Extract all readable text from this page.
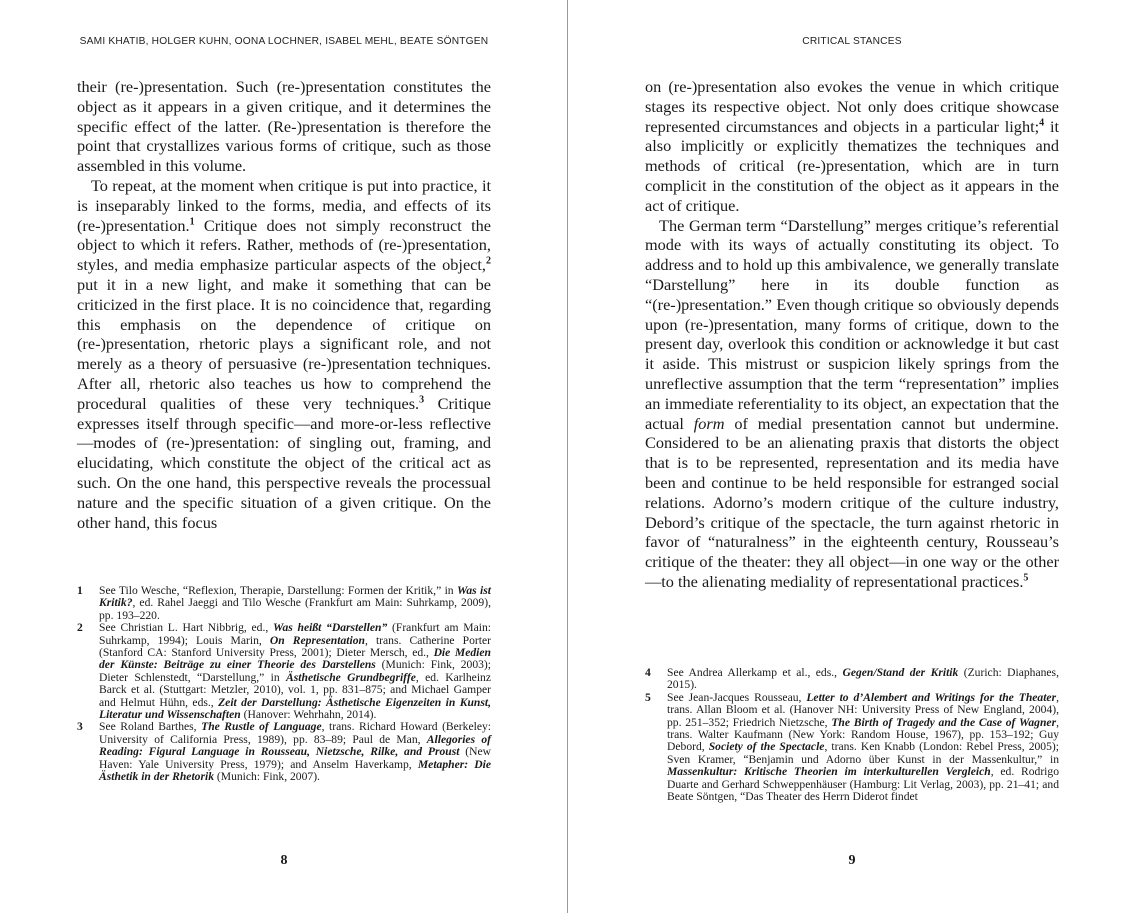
SAMI KHATIB, HOLGER KUHN, OONA LOCHNER, ISABEL MEHL, BEATE SÖNTGEN

their (re-)presentation. Such (re-)presentation constitutes the object as it appears in a given critique, and it determines the specific effect of the latter. (Re-)presentation is therefore the point that crystallizes various forms of critique, such as those assembled in this volume.

To repeat, at the moment when critique is put into practice, it is inseparably linked to the forms, media, and effects of its (re-)presentation.$^1$ Critique does not simply reconstruct the object to which it refers. Rather, methods of (re-)presentation, styles, and media emphasize particular aspects of the object,$^2$ put it in a new light, and make it something that can be criticized in the first place. It is no coincidence that, regarding this emphasis on the dependence of critique on (re-)presentation, rhetoric plays a significant role, and not merely as a theory of persuasive (re-)presentation techniques. After all, rhetoric also teaches us how to comprehend the procedural qualities of these very techniques.$^3$ Critique expresses itself through specific—and more-or-less reflective—modes of (re-)presentation: of singling out, framing, and elucidating, which constitute the object of the critical act as such. On the one hand, this perspective reveals the processual nature and the specific situation of a given critique. On the other hand, this focus

1 See Tilo Wesche, “Reflexion, Therapie, Darstellung: Formen der Kritik,” in Was ist Kritik?, ed. Rahel Jaeggi and Tilo Wesche (Frankfurt am Main: Suhrkamp, 2009), pp. 193–220.

2 See Christian L. Hart Nibbrig, ed., Was heißt “Darstellen” (Frankfurt am Main: Suhrkamp, 1994); Louis Marin, On Representation, trans. Catherine Porter (Stanford CA: Stanford University Press, 2001); Dieter Mersch, ed., Die Medien der Künste: Beiträge zu einer Theorie des Darstellens (Munich: Fink, 2003); Dieter Schlenstedt, “Darstellung,” in Ästhetische Grundbegriffe, ed. Karlheinz Barck et al. (Stuttgart: Metzler, 2010), vol. 1, pp. 831–875; and Michael Gamper and Helmut Hühn, eds., Zeit der Darstellung: Ästhetische Eigenzeiten in Kunst, Literatur und Wissenschaften (Hanover: Wehrhahn, 2014).

3 See Roland Barthes, The Rustle of Language, trans. Richard Howard (Berkeley: University of California Press, 1989), pp. 83–89; Paul de Man, Allegories of Reading: Figural Language in Rousseau, Nietzsche, Rilke, and Proust (New Haven: Yale University Press, 1979); and Anselm Haverkamp, Metapher: Die Ästhetik in der Rhetorik (Munich: Fink, 2007).

8
CRITICAL STANCES

on (re-)presentation also evokes the venue in which critique stages its respective object. Not only does critique showcase represented circumstances and objects in a particular light;$^4$ it also implicitly or explicitly thematizes the techniques and methods of critical (re-)presentation, which are in turn complicit in the constitution of the object as it appears in the act of critique.

The German term “Darstellung” merges critique’s referential mode with its ways of actually constituting its object. To address and to hold up this ambivalence, we generally translate “Darstellung” here in its double function as “(re-)presentation.” Even though critique so obviously depends upon (re-)presentation, many forms of critique, down to the present day, overlook this condition or acknowledge it but cast it aside. This mistrust or suspicion likely springs from the unreflective assumption that the term “representation” implies an immediate referentiality to its object, an expectation that the actual form of medial presentation cannot but undermine. Considered to be an alienating praxis that distorts the object that is to be represented, representation and its media have been and continue to be held responsible for estranged social relations. Adorno’s modern critique of the culture industry, Debord’s critique of the spectacle, the turn against rhetoric in favor of “naturalness” in the eighteenth century, Rousseau’s critique of the theater: they all object—in one way or the other—to the alienating mediality of representational practices.$^5$

4 See Andrea Allerkamp et al., eds., Gegen/Stand der Kritik (Zurich: Diaphanes, 2015).

5 See Jean-Jacques Rousseau, Letter to d’Alembert and Writings for the Theater, trans. Allan Bloom et al. (Hanover NH: University Press of New England, 2004), pp. 251–352; Friedrich Nietzsche, The Birth of Tragedy and the Case of Wagner, trans. Walter Kaufmann (New York: Random House, 1967), pp. 153–192; Guy Debord, Society of the Spectacle, trans. Ken Knabb (London: Rebel Press, 2005); Sven Kramer, “Benjamin und Adorno über Kunst in der Massenkultur,” in Massenkultur: Kritische Theorien im interkulturellen Vergleich, ed. Rodrigo Duarte and Gerhard Schweppenhäuser (Hamburg: Lit Verlag, 2003), pp. 21–41; and Beate Söntgen, “Das Theater des Herrn Diderot findet

9
